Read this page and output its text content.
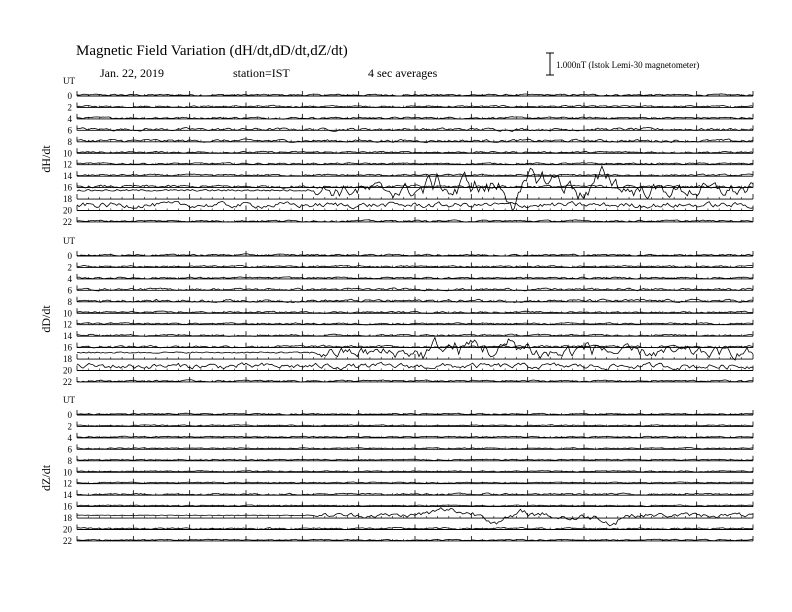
Magnetic Field Variation (dH/dt,dD/dt,dZ/dt)
Jan. 22, 2019	station=IST	4 sec averages
1.000nT (Istok Lemi-30 magnetometer)
UT
dH/dt
0
2
4
6
8
10
12
14
16
18
20
22
UT
dD/dt
0
2
4
6
8
10
12
14
16
18
20
22
UT
dZ/dt
0
2
4
6
8
10
12
14
16
18
20
22
